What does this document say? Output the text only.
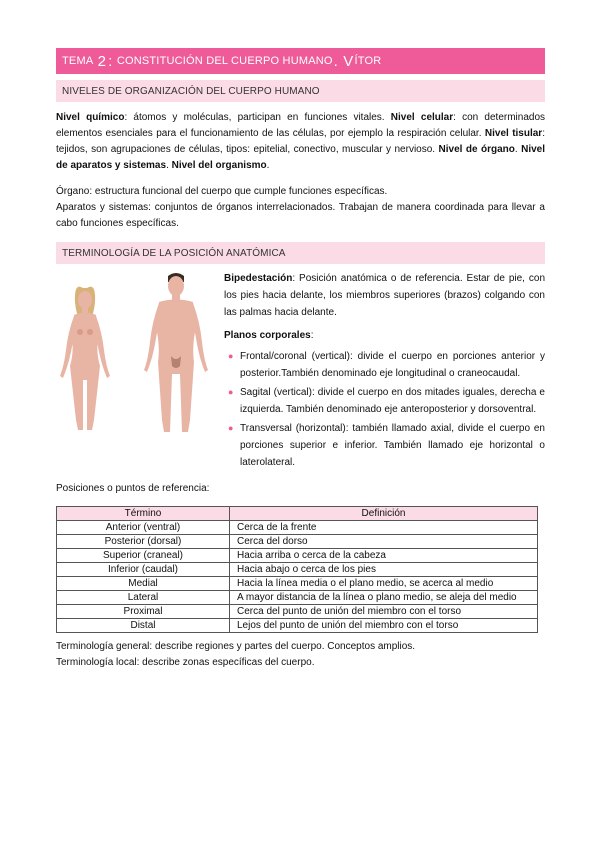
TEMA
2 :
CONSTITUCIÓN DEL CUERPO HUMANO .
V ÍTOR
NIVELES DE ORGANIZACIÓN DEL CUERPO HUMANO

Nivel químico: átomos y moléculas, participan en funciones vitales. Nivel celular: con determinados elementos esenciales para el funcionamiento de las células, por ejemplo la respiración celular. Nivel tisular: tejidos, son agrupaciones de células, tipos: epitelial, conectivo, muscular y nervioso. Nivel de órgano. Nivel de aparatos y sistemas. Nivel del organismo.

Órgano: estructura funcional del cuerpo que cumple funciones específicas.

Aparatos y sistemas: conjuntos de órganos interrelacionados. Trabajan de manera coordinada para llevar a cabo funciones específicas.

TERMINOLOGÍA DE LA POSICIÓN ANATÓMICA

Bipedestación: Posición anatómica o de referencia. Estar de pie, con los pies hacia delante, los miembros superiores (brazos) colgando con las palmas hacia delante.

Planos corporales:

● Frontal/coronal (vertical): divide el cuerpo en porciones anterior y posterior.También denominado eje longitudinal o craneocaudal.

● Sagital (vertical): divide el cuerpo en dos mitades iguales, derecha e izquierda. También denominado eje anteroposterior y dorsoventral.

● Transversal (horizontal): también llamado axial, divide el cuerpo en porciones superior e inferior. También llamado eje horizontal o laterolateral.

Posiciones o puntos de referencia:
Término	Definición
Anterior (ventral)	Cerca de la frente
Posterior (dorsal)	Cerca del dorso
Superior (craneal)	Hacia arriba o cerca de la cabeza
Inferior (caudal)	Hacia abajo o cerca de los pies
Medial	Hacia la línea media o el plano medio, se acerca al medio
Lateral	A mayor distancia de la línea o plano medio, se aleja del medio
Proximal	Cerca del punto de unión del miembro con el torso
Distal	Lejos del punto de unión del miembro con el torso

Terminología general: describe regiones y partes del cuerpo. Conceptos amplios.

Terminología local: describe zonas específicas del cuerpo.
